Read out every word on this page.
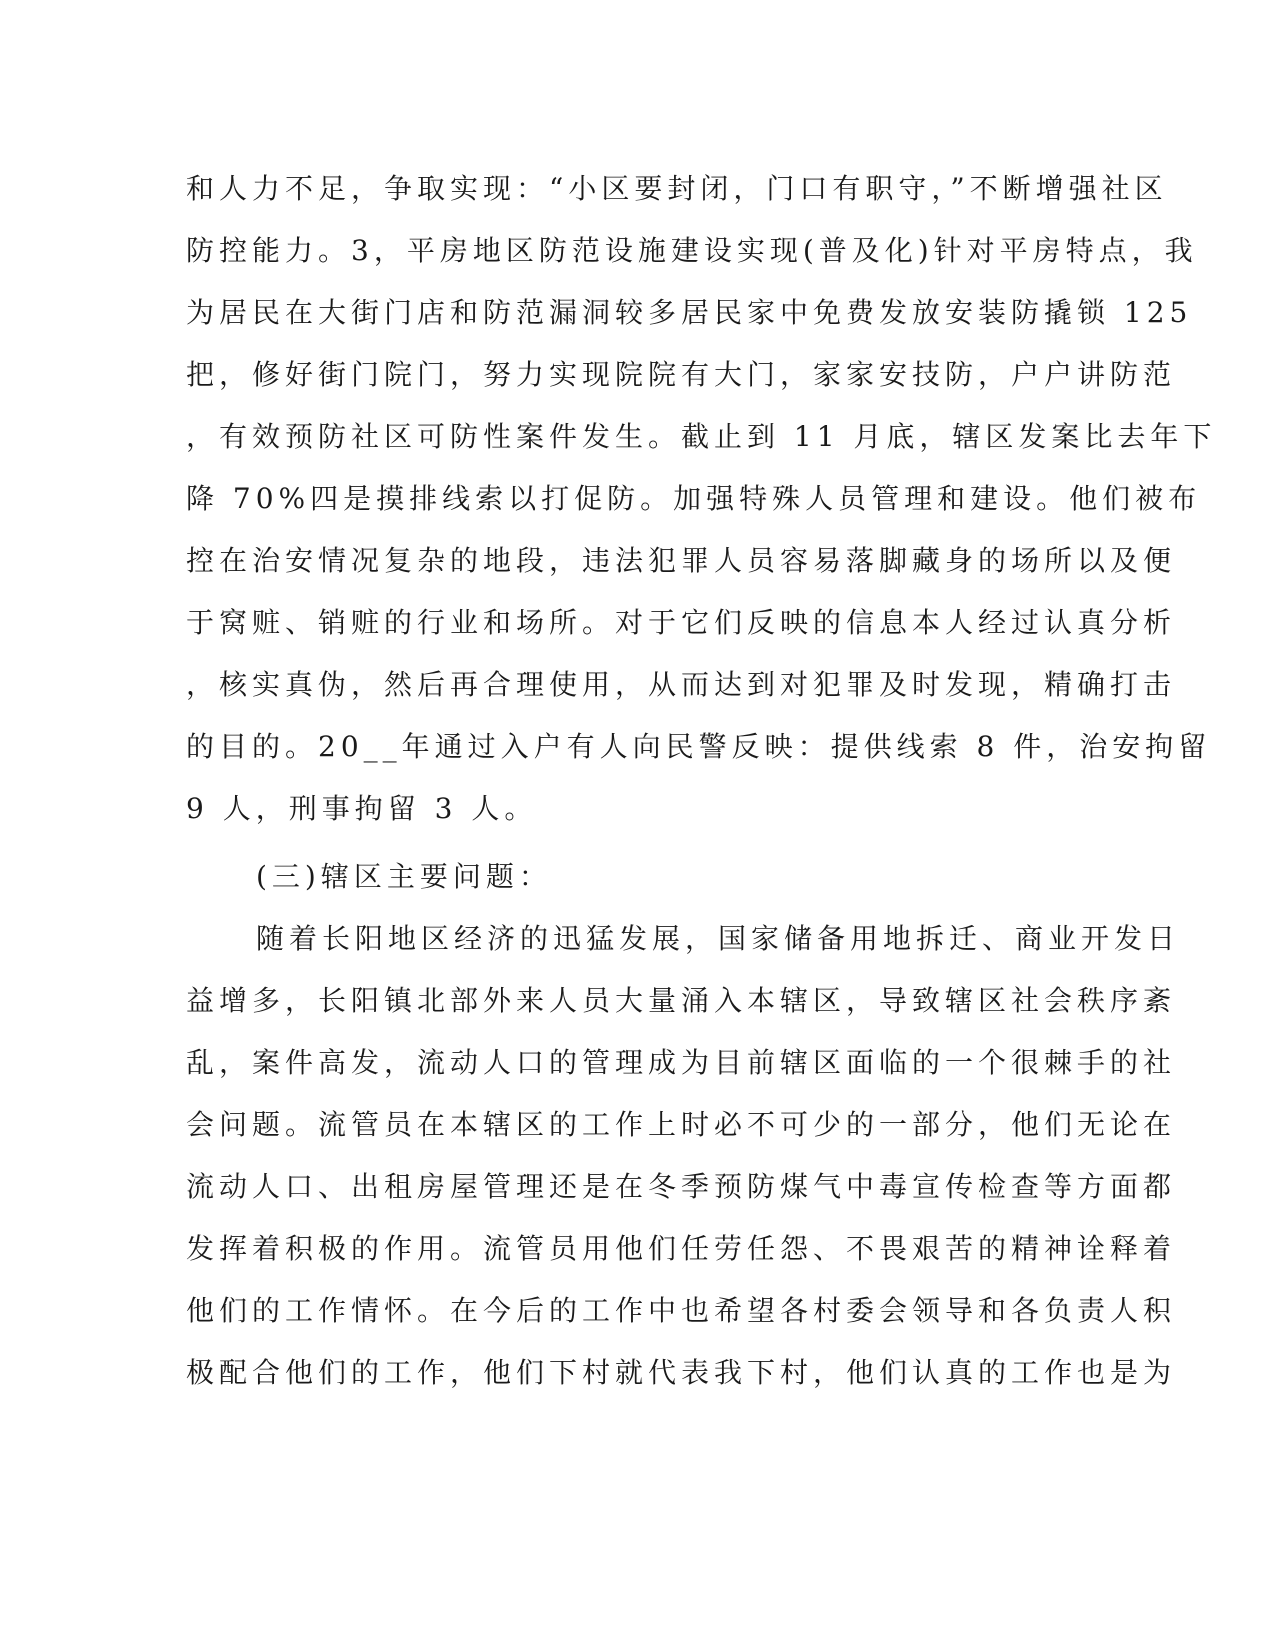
和人力不足，争取实现：“小区要封闭，门口有职守，”不断增强社区
防控能力。3，平房地区防范设施建设实现(普及化)针对平房特点，我
为居民在大街门店和防范漏洞较多居民家中免费发放安装防撬锁 125
把，修好街门院门，努力实现院院有大门，家家安技防，户户讲防范
，有效预防社区可防性案件发生。截止到 11 月底，辖区发案比去年下
降 70%四是摸排线索以打促防。加强特殊人员管理和建设。他们被布
控在治安情况复杂的地段，违法犯罪人员容易落脚藏身的场所以及便
于窝赃、销赃的行业和场所。对于它们反映的信息本人经过认真分析
，核实真伪，然后再合理使用，从而达到对犯罪及时发现，精确打击
的目的。20__年通过入户有人向民警反映：提供线索 8 件，治安拘留
9 人，刑事拘留 3 人。
(三)辖区主要问题：
随着长阳地区经济的迅猛发展，国家储备用地拆迁、商业开发日
益增多，长阳镇北部外来人员大量涌入本辖区，导致辖区社会秩序紊
乱，案件高发，流动人口的管理成为目前辖区面临的一个很棘手的社
会问题。流管员在本辖区的工作上时必不可少的一部分，他们无论在
流动人口、出租房屋管理还是在冬季预防煤气中毒宣传检查等方面都
发挥着积极的作用。流管员用他们任劳任怨、不畏艰苦的精神诠释着
他们的工作情怀。在今后的工作中也希望各村委会领导和各负责人积
极配合他们的工作，他们下村就代表我下村，他们认真的工作也是为
